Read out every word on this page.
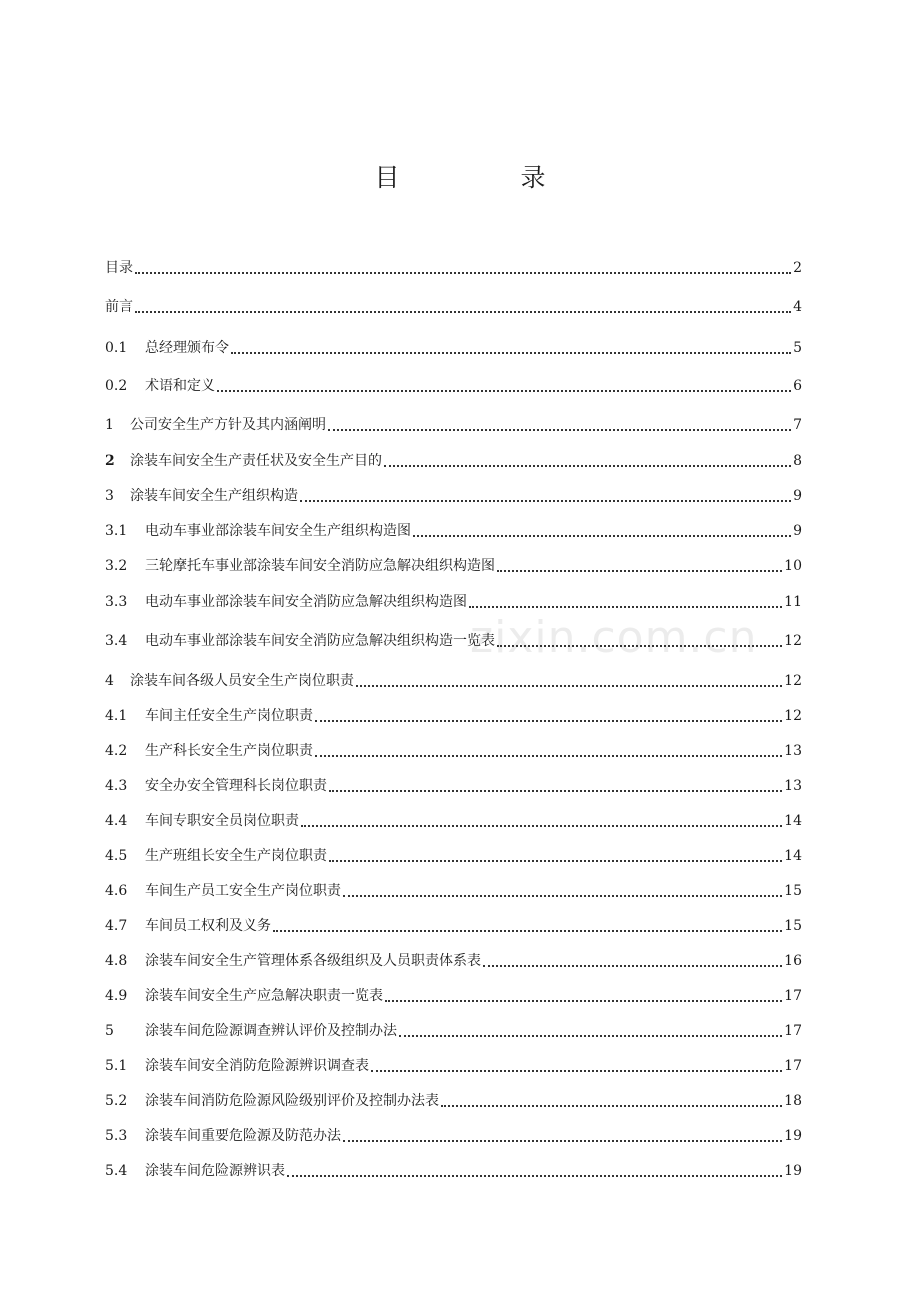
目　录
zixin.com.cn
目录	2
前言	4
0.1	总经理颁布令	5
0.2	术语和定义	6
1	公司安全生产方针及其内涵阐明	7
2	涂装车间安全生产责任状及安全生产目的	8
3	涂装车间安全生产组织构造	9
3.1	电动车事业部涂装车间安全生产组织构造图	9
3.2	三轮摩托车事业部涂装车间安全消防应急解决组织构造图	10
3.3	电动车事业部涂装车间安全消防应急解决组织构造图	11
3.4	电动车事业部涂装车间安全消防应急解决组织构造一览表	12
4	涂装车间各级人员安全生产岗位职责	12
4.1	车间主任安全生产岗位职责	12
4.2	生产科长安全生产岗位职责	13
4.3	安全办安全管理科长岗位职责	13
4.4	车间专职安全员岗位职责	14
4.5	生产班组长安全生产岗位职责	14
4.6	车间生产员工安全生产岗位职责	15
4.7	车间员工权利及义务	15
4.8	涂装车间安全生产管理体系各级组织及人员职责体系表	16
4.9	涂装车间安全生产应急解决职责一览表	17
5	涂装车间危险源调查辨认评价及控制办法	17
5.1	涂装车间安全消防危险源辨识调查表	17
5.2	涂装车间消防危险源风险级别评价及控制办法表	18
5.3	涂装车间重要危险源及防范办法	19
5.4	涂装车间危险源辨识表	19
